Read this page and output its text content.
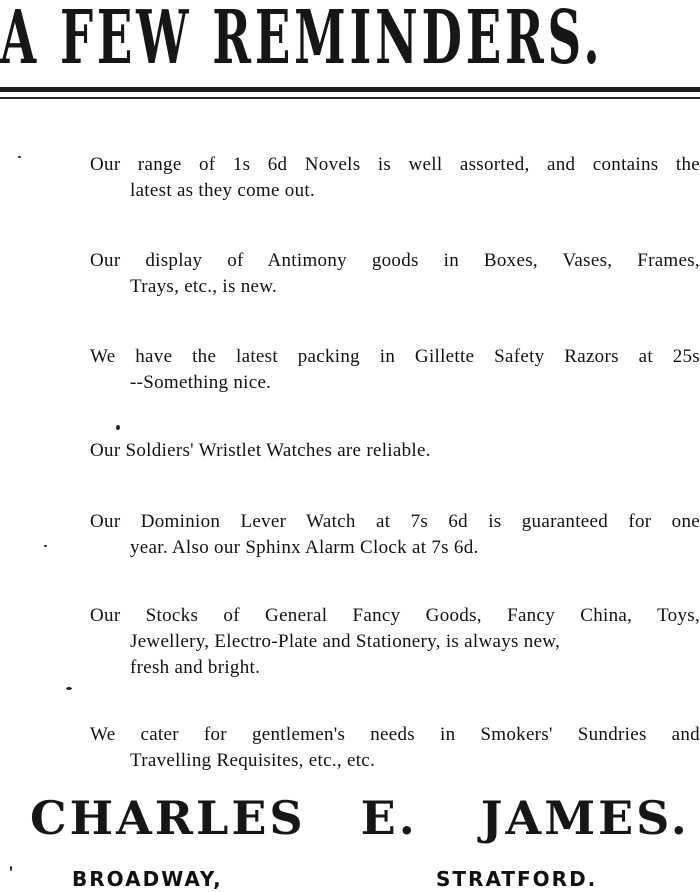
A FEW REMINDERS.
Our range of 1s 6d Novels is well assorted, and contains the
latest as they come out.
Our display of Antimony goods in Boxes, Vases, Frames,
Trays, etc., is new.
We have the latest packing in Gillette Safety Razors at 25s
--Something nice.
Our Soldiers' Wristlet Watches are reliable.
Our Dominion Lever Watch at 7s 6d is guaranteed for one
year. Also our Sphinx Alarm Clock at 7s 6d.
Our Stocks of General Fancy Goods, Fancy China, Toys,
Jewellery, Electro-Plate and Stationery, is always new,
fresh and bright.
We cater for gentlemen's needs in Smokers' Sundries and
Travelling Requisites, etc., etc.
CHARLES E. JAMES.
BROADWAY,	STRATFORD.
